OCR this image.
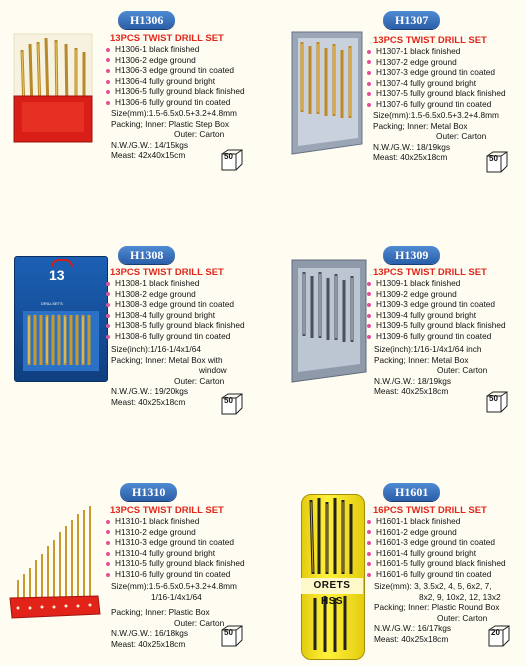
H1306
13PCS TWIST DRILL SET
H1306-1 black finished
H1306-2 edge ground
H1306-3 edge ground tin coated
H1306-4 fully ground bright
H1306-5 fully ground black finished
H1306-6 fully ground tin coated
Size(mm):1.5-6.5x0.5+3.2+4.8mm
Packing; Inner: Plastic Step Box
Outer: Carton
N.W./G.W.: 14/15kgs
Meast: 42x40x15cm	50
H1307
13PCS TWIST DRILL SET
H1307-1 black finished
H1307-2 edge ground
H1307-3 edge ground tin coated
H1307-4 fully ground bright
H1307-5 fully ground black finished
H1307-6 fully ground tin coated
Size(mm):1.5-6.5x0.5+3.2+4.8mm
Packing; Inner: Metal Box
Outer: Carton
N.W./G.W.: 18/19kgs
Meast: 40x25x18cm	50
H1308
13
DRILLSETS
13PCS TWIST DRILL SET
H1308-1 black finished
H1308-2 edge ground
H1308-3 edge ground tin coated
H1308-4 fully ground bright
H1308-5 fully ground black finished
H1308-6 fully ground tin coated
Size(inch):1/16-1/4x1/64
Packing; Inner: Metal Box with
window
Outer: Carton
N.W./G.W.: 19/20kgs
Meast: 40x25x18cm	50
H1309
13PCS TWIST DRILL SET
H1309-1 black finished
H1309-2 edge ground
H1309-3 edge ground tin coated
H1309-4 fully ground bright
H1309-5 fully ground black finished
H1309-6 fully ground tin coated
Size(inch):1/16-1/4x1/64 inch
Packing; Inner: Metal Box
Outer: Carton
N.W./G.W.: 18/19kgs
Meast: 40x25x18cm
50
H1310
13PCS TWIST DRILL SET
H1310-1 black finished
H1310-2 edge ground
H1310-3 edge ground tin coated
H1310-4 fully ground bright
H1310-5 fully ground black finished
H1310-6 fully ground tin coated
Size(mm):1.5-6.5x0.5+3.2+4.8mm
1/16-1/4x1/64
Packing; Inner: Plastic Box
Outer: Carton
N.W./G.W.: 16/18kgs
Meast: 40x25x18cm
50
H1601
ORETS HSS
16PCS TWIST DRILL SET
H1601-1 black finished
H1601-2 edge ground
H1601-3 edge ground tin coated
H1601-4 fully ground bright
H1601-5 fully ground black finished
H1601-6 fully ground tin coated
Size(mm): 3, 3.5x2, 4, 5, 6x2, 7,
8x2, 9, 10x2, 12, 13x2
Packing; Inner: Plastic Round Box
Outer: Carton
N.W./G.W.: 16/17kgs
Meast: 40x25x18cm
20
